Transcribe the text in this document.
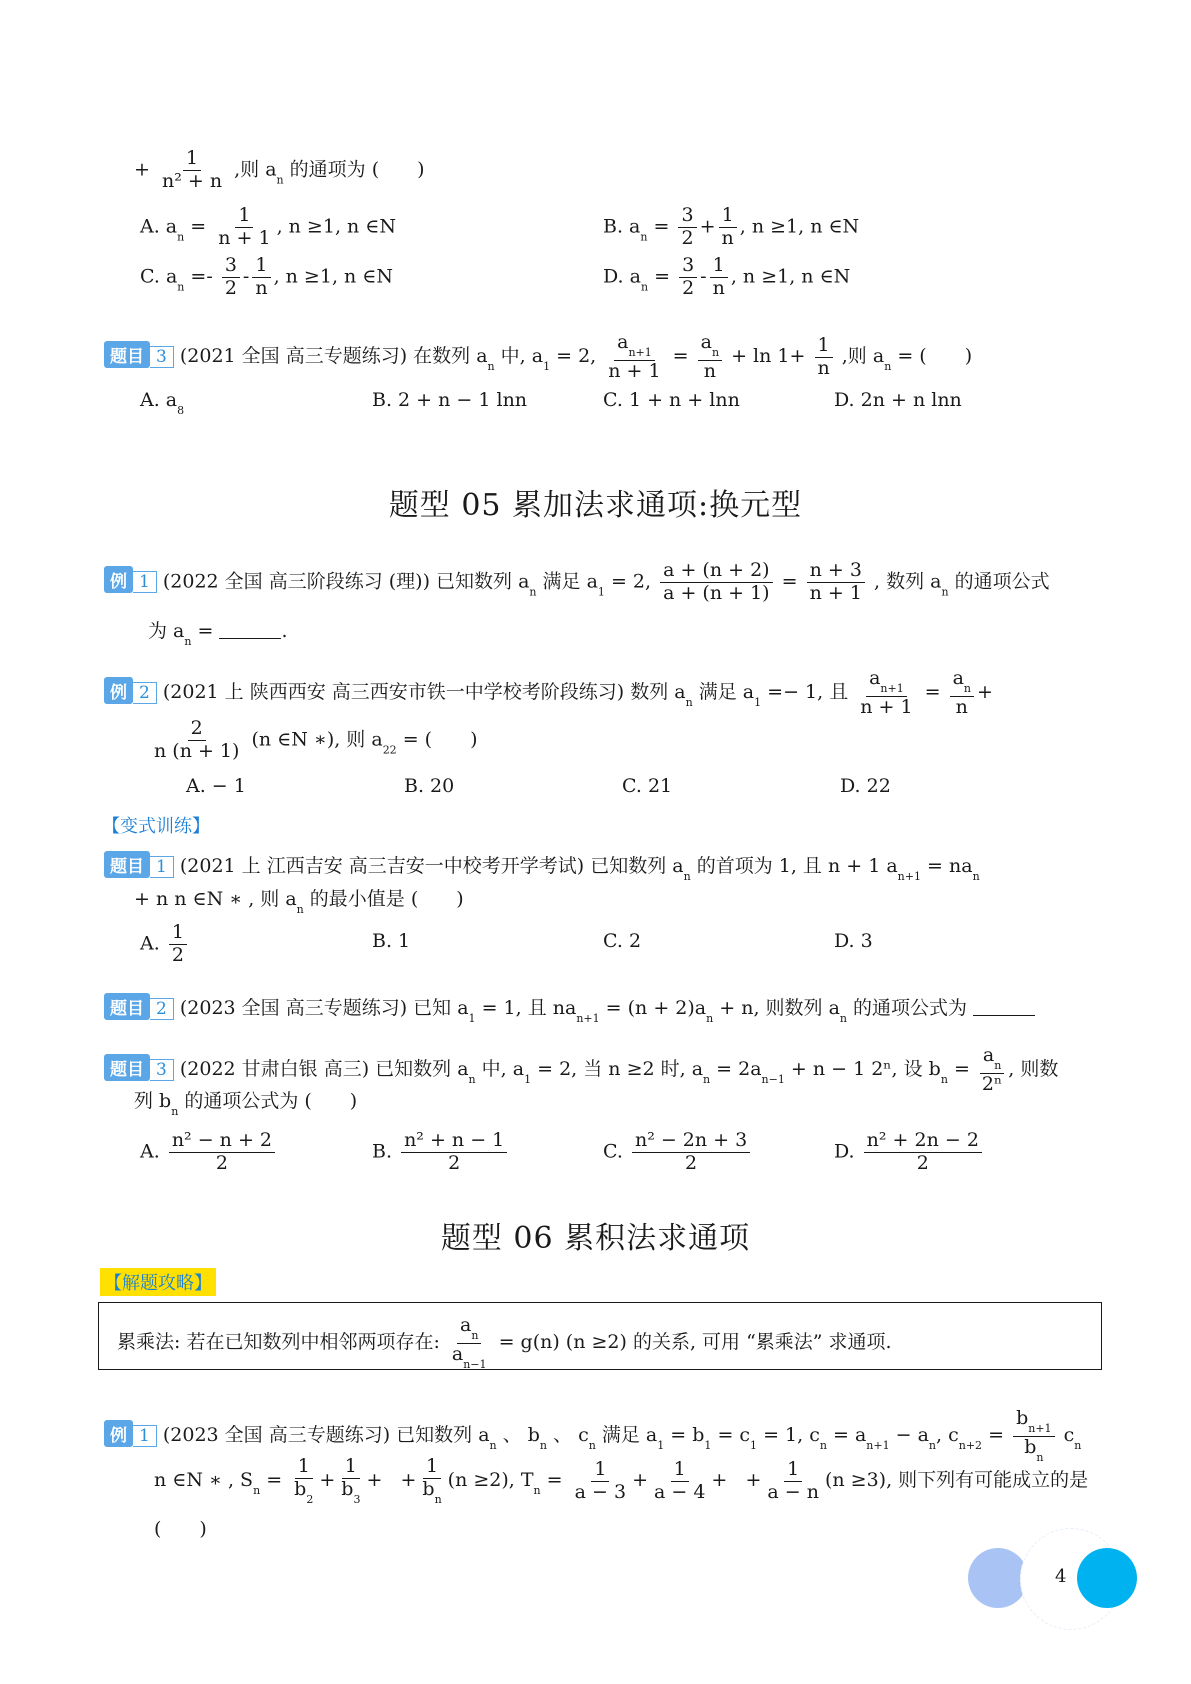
+ $\frac{1}{\text{n² + n}}$ ,则 $a_n$ 的通项为 (　　)
A. $a_n = \frac{1}{n + 1}$ , n ≥1, n ∈N	B. $a_n = \frac{3}{2} + \frac{1}{n}$ , n ≥1, n ∈N
C. $a_n =- \frac{3}{2} - \frac{1}{n}$ , n ≥1, n ∈N	D. $a_n = \frac{3}{2} - \frac{1}{n}$ , n ≥1, n ∈N
题目 3 (2021 全国 高三专题练习) 在数列 $a_n$ 中, $a_1 = 2$, $\frac{a_{n+1}}{n + 1} = \frac{a_n}{n} + \ln 1+ \frac{1}{n}$ ,则 $a_n$ = (　　)
A. $a_8$	B. 2 + n − 1 lnn	C. 1 + n + lnn	D. 2n + n lnn
题型 05 累加法求通项:换元型
例 1 (2022 全国 高三阶段练习 (理)) 已知数列 $a_n$ 满足 $a_1 = 2$, $\frac{a + (n + 2)}{a + (n + 1)} = \frac{n + 3}{n + 1}$ , 数列 $a_n$ 的通项公式
为 $a_n$ =	.
例 2 (2021 上 陕西西安 高三西安市铁一中学校考阶段练习) 数列 $a_n$ 满足 $a_1 =- 1$, 且 $\frac{a_{n+1}}{n + 1} = \frac{a_n}{n}$ +
$\frac{2}{n (n + 1)} (n$ ∈N ∗), 则 $a_{22}$ = (　　)
A. − 1	B. 20	C. 21	D. 22
【变式训练】
题目 1 (2021 上 江西吉安 高三吉安一中校考开学考试) 已知数列 $a_n$ 的首项为 1, 且 n + 1 $a_{n+1} = na_n$
+ n n ∈N ∗ , 则 $a_n$ 的最小值是 (　　)
A. $\frac{1}{2}$	B. 1	C. 2	D. 3
题目 2 (2023 全国 高三专题练习) 已知 $a_1 = 1$, 且 $na_{n+1} = (n + 2)a_n + n$, 则数列 $a_n$ 的通项公式为
题目 3 (2022 甘肃白银 高三) 已知数列 $a_n$ 中, $a_1 = 2$, 当 n ≥2 时, $a_n = 2a_{n-1} + n - 1$ 2ⁿ, 设 $b_n = \frac{a_n}{\text{2ⁿ}}$ , 则数
列 $b_n$ 的通项公式为 (　　)
A. $\frac{\text{n² − n + 2}}{2}$	B. $\frac{\text{n² + n − 1}}{2}$	C. $\frac{\text{n² − 2n + 3}}{2}$	D. $\frac{\text{n² + 2n − 2}}{2}$
题型 06 累积法求通项
【解题攻略】
累乘法: 若在已知数列中相邻两项存在: $\frac{a_n}{a_{n-1}} = g(n)$ (n ≥2) 的关系, 可用 “累乘法” 求通项.
例 1 (2023 全国 高三专题练习) 已知数列 $a_n$ 、 $b_n$ 、 $c_n$ 满足 $a_1 = b_1 = c_1 = 1$, $c_n = a_{n+1} - a_n$, $c_{n+2} = \frac{b_{n+1}}{b_n} c_n$
n ∈N ∗ , $S_n = \frac{1}{b_2} + \frac{1}{b_3}$ +   + $\frac{1}{b_n} (n \ge 2)$, $T_n = \frac{1}{a - 3} + \frac{1}{a - 4}$ +   + $\frac{1}{a - n} (n \ge 3)$, 则下列有可能成立的是
(　　)
4
